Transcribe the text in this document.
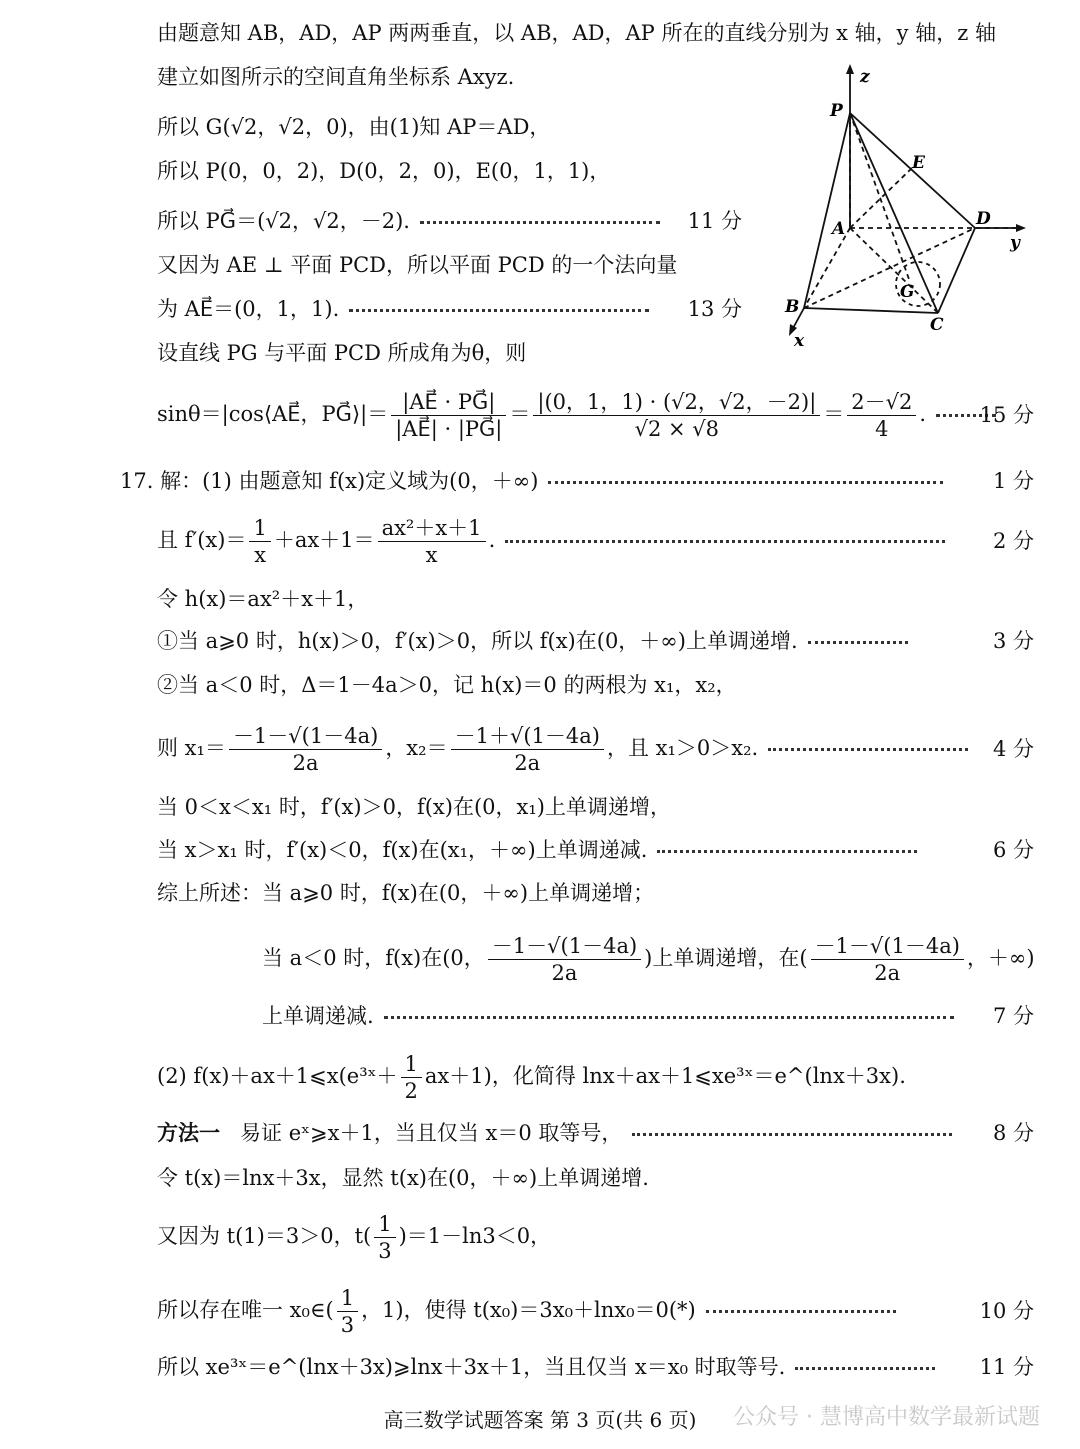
由题意知 AB，AD，AP 两两垂直，以 AB，AD，AP 所在的直线分别为 x 轴，y 轴，z 轴
建立如图所示的空间直角坐标系 Axyz.
所以 G(√2，√2，0)，由(1)知 AP＝AD，
所以 P(0，0，2)，D(0，2，0)，E(0，1，1)，
所以 PG⃗＝(√2，√2，－2).	11 分
又因为 AE ⊥ 平面 PCD，所以平面 PCD 的一个法向量
为 AE⃗＝(0，1，1).	13 分
设直线 PG 与平面 PCD 所成角为θ，则
sinθ＝|cos⟨AE⃗，PG⃗⟩|＝ $\frac{|AE⃗ \cdot PG⃗|}{|AE⃗| \cdot |PG⃗|} = \frac{|(0,1,1) \cdot (√2,√2,-2)|}{√2 \times √8} = \frac{2-√2}{4}$ .	15 分
17. 解：(1) 由题意知 f(x)定义域为(0，＋∞)	1 分
且 $f'(x)= \frac{1}{x} +ax+1= \frac{\text{ax²＋x＋1}}{x}$ .	2 分
令 h(x)＝ax²＋x＋1，
①当 a⩾0 时，h(x)＞0，f′(x)＞0，所以 f(x)在(0，＋∞)上单调递增.	3 分
②当 a＜0 时，Δ＝1－4a＞0，记 h(x)＝0 的两根为 x₁，x₂，
则 $x_1= \frac{-1-√(1-4a)}{2a}$ ，$x_2= \frac{-1+√(1-4a)}{2a}$ ，且 x₁＞0＞x₂.	4 分
当 0＜x＜x₁ 时，f′(x)＞0，f(x)在(0，x₁)上单调递增，
当 x＞x₁ 时，f′(x)＜0，f(x)在(x₁，＋∞)上单调递减.	6 分
综上所述：当 a⩾0 时，f(x)在(0，＋∞)上单调递增；
当 a＜0 时，f(x)在(0， $\frac{-1-√(1-4a)}{2a}$ )上单调递增，在( $\frac{-1-√(1-4a)}{2a}$ ，＋∞)
上单调递减.	7 分
(2) f(x)＋ax＋1⩽x(e³ˣ＋ $\frac{1}{2} ax+1$)，化简得 lnx＋ax＋1⩽xe³ˣ＝e^(lnx＋3x).
方法一 易证 eˣ⩾x＋1，当且仅当 x＝0 取等号，	8 分
令 t(x)＝lnx＋3x，显然 t(x)在(0，＋∞)上单调递增.
又因为 t(1)＝3＞0，$t( \frac{1}{3} )=1-\ln 3<0$，
所以存在唯一 x₀∈( $\frac{1}{3}$ ，1)，使得 t(x₀)＝3x₀＋lnx₀＝0(*)	10 分
所以 xe³ˣ＝e^(lnx＋3x)⩾lnx＋3x＋1，当且仅当 x＝x₀ 时取等号.	11 分
公众号 · 慧博高中数学最新试题
高三数学试题答案 第 3 页(共 6 页)
z
P
E
A	D
y
G
B
C
x
